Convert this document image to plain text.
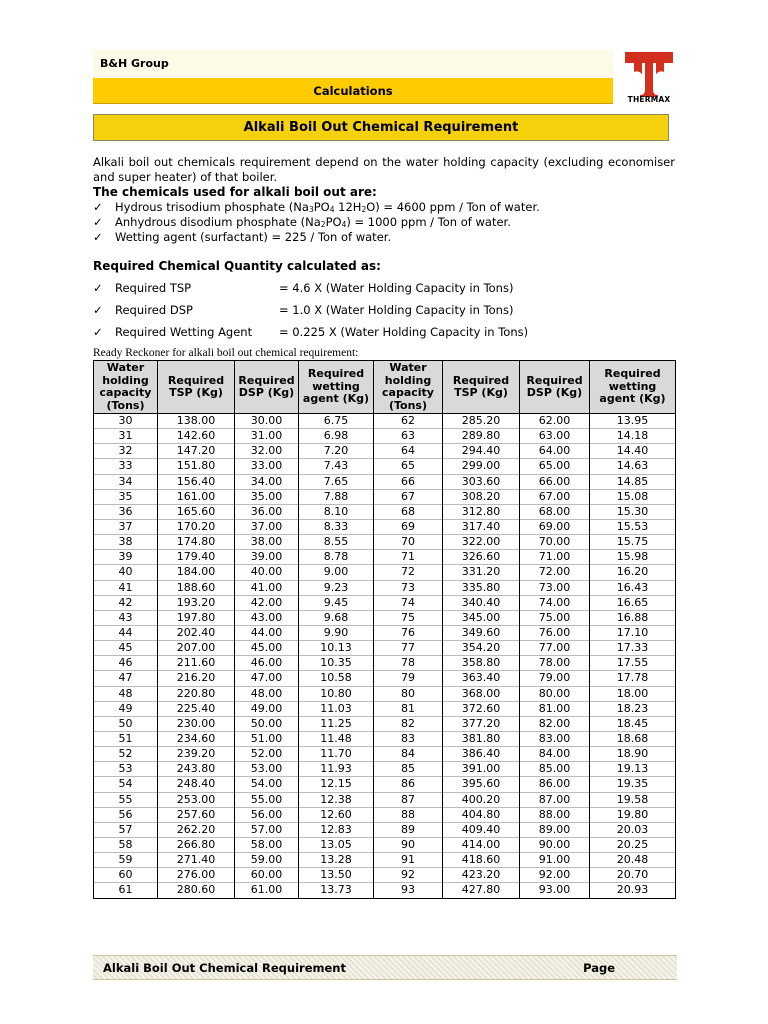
B&H Group
Calculations
THERMAX
Alkali Boil Out Chemical Requirement
Alkali boil out chemicals requirement depend on the water holding capacity (excluding economiser and super heater) of that boiler.
The chemicals used for alkali boil out are:
✓	Hydrous trisodium phosphate ($Na_3PO_4$ $12H_2O) = 4600$ ppm / Ton of water.
✓	Anhydrous disodium phosphate $(Na_2PO_4) = 1000$ ppm / Ton of water.
✓	Wetting agent (surfactant) = 225 / Ton of water.
Required Chemical Quantity calculated as:
✓	Required TSP	= 4.6 X (Water Holding Capacity in Tons)
✓	Required DSP	= 1.0 X (Water Holding Capacity in Tons)
✓	Required Wetting Agent	= 0.225 X (Water Holding Capacity in Tons)
Ready Reckoner for alkali boil out chemical requirement:
Water holding capacity (Tons)	Required TSP (Kg)	Required DSP (Kg)	Required wetting agent (Kg)	Water holding capacity (Tons)	Required TSP (Kg)	Required DSP (Kg)	Required wetting agent (Kg)
30	138.00	30.00	6.75	62	285.20	62.00	13.95
31	142.60	31.00	6.98	63	289.80	63.00	14.18
32	147.20	32.00	7.20	64	294.40	64.00	14.40
33	151.80	33.00	7.43	65	299.00	65.00	14.63
34	156.40	34.00	7.65	66	303.60	66.00	14.85
35	161.00	35.00	7.88	67	308.20	67.00	15.08
36	165.60	36.00	8.10	68	312.80	68.00	15.30
37	170.20	37.00	8.33	69	317.40	69.00	15.53
38	174.80	38.00	8.55	70	322.00	70.00	15.75
39	179.40	39.00	8.78	71	326.60	71.00	15.98
40	184.00	40.00	9.00	72	331.20	72.00	16.20
41	188.60	41.00	9.23	73	335.80	73.00	16.43
42	193.20	42.00	9.45	74	340.40	74.00	16.65
43	197.80	43.00	9.68	75	345.00	75.00	16.88
44	202.40	44.00	9.90	76	349.60	76.00	17.10
45	207.00	45.00	10.13	77	354.20	77.00	17.33
46	211.60	46.00	10.35	78	358.80	78.00	17.55
47	216.20	47.00	10.58	79	363.40	79.00	17.78
48	220.80	48.00	10.80	80	368.00	80.00	18.00
49	225.40	49.00	11.03	81	372.60	81.00	18.23
50	230.00	50.00	11.25	82	377.20	82.00	18.45
51	234.60	51.00	11.48	83	381.80	83.00	18.68
52	239.20	52.00	11.70	84	386.40	84.00	18.90
53	243.80	53.00	11.93	85	391.00	85.00	19.13
54	248.40	54.00	12.15	86	395.60	86.00	19.35
55	253.00	55.00	12.38	87	400.20	87.00	19.58
56	257.60	56.00	12.60	88	404.80	88.00	19.80
57	262.20	57.00	12.83	89	409.40	89.00	20.03
58	266.80	58.00	13.05	90	414.00	90.00	20.25
59	271.40	59.00	13.28	91	418.60	91.00	20.48
60	276.00	60.00	13.50	92	423.20	92.00	20.70
61	280.60	61.00	13.73	93	427.80	93.00	20.93
Alkali Boil Out Chemical Requirement	Page
